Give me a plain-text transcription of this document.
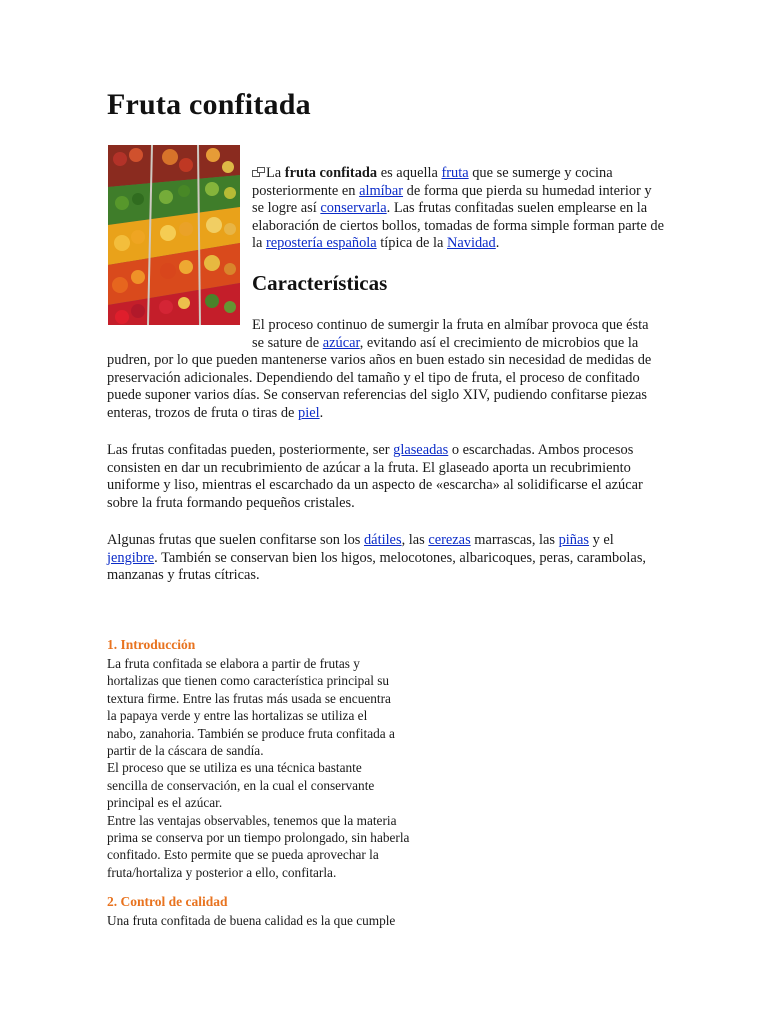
Fruta confitada

La fruta confitada es aquella fruta que se sumerge y cocina posteriormente en almíbar de forma que pierda su humedad interior y se logre así conservarla. Las frutas confitadas suelen emplearse en la elaboración de ciertos bollos, tomadas de forma simple forman parte de la repostería española típica de la Navidad.

Características
El proceso continuo de sumergir la fruta en almíbar provoca que ésta se sature de azúcar, evitando así el crecimiento de microbios que la pudren, por lo que pueden mantenerse varios años en buen estado sin necesidad de medidas de preservación adicionales. Dependiendo del tamaño y el tipo de fruta, el proceso de confitado puede suponer varios días. Se conservan referencias del siglo XIV, pudiendo confitarse piezas enteras, trozos de fruta o tiras de piel.

Las frutas confitadas pueden, posteriormente, ser glaseadas o escarchadas. Ambos procesos consisten en dar un recubrimiento de azúcar a la fruta. El glaseado aporta un recubrimiento uniforme y liso, mientras el escarchado da un aspecto de «escarcha» al solidificarse el azúcar sobre la fruta formando pequeños cristales.

Algunas frutas que suelen confitarse son los dátiles, las cerezas marrascas, las piñas y el jengibre. También se conservan bien los higos, melocotones, albaricoques, peras, carambolas, manzanas y frutas cítricas.

1. Introducción
La fruta confitada se elabora a partir de frutas y
hortalizas que tienen como característica principal su
textura firme. Entre las frutas más usada se encuentra
la papaya verde y entre las hortalizas se utiliza el
nabo, zanahoria. También se produce fruta confitada a
partir de la cáscara de sandía.
El proceso que se utiliza es una técnica bastante
sencilla de conservación, en la cual el conservante
principal es el azúcar.
Entre las ventajas observables, tenemos que la materia
prima se conserva por un tiempo prolongado, sin haberla
confitado. Esto permite que se pueda aprovechar la
fruta/hortaliza y posterior a ello, confitarla.
2. Control de calidad
Una fruta confitada de buena calidad es la que cumple
